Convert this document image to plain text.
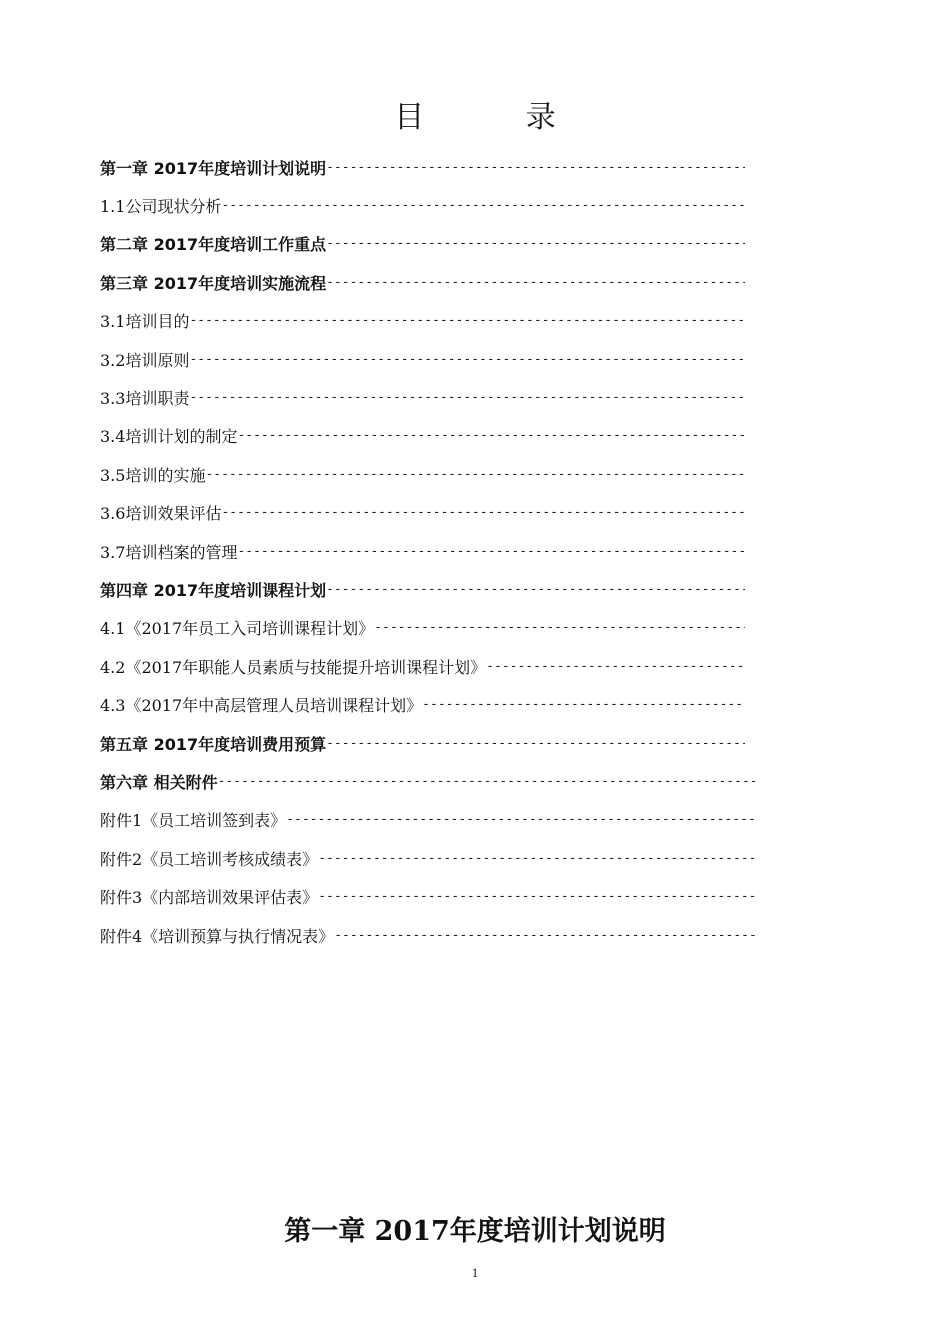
目 录
第一章 2017年度培训计划说明
-----
1.1公司现状分析
-----
第二章 2017年度培训工作重点
-----
第三章 2017年度培训实施流程
-----
3.1培训目的
-----
3.2培训原则
-----
3.3培训职责
-----
3.4培训计划的制定
-----
3.5培训的实施
-----
3.6培训效果评估
-----
3.7培训档案的管理
-----
第四章 2017年度培训课程计划
-----
4.1《2017年员工入司培训课程计划》
-----
4.2《2017年职能人员素质与技能提升培训课程计划》
-----
4.3《2017年中高层管理人员培训课程计划》
-----
第五章 2017年度培训费用预算
-----
第六章 相关附件
-----
附件1《员工培训签到表》
-----
附件2《员工培训考核成绩表》
-----
附件3《内部培训效果评估表》
-----
附件4《培训预算与执行情况表》
-----
第一章 2017年度培训计划说明
1
